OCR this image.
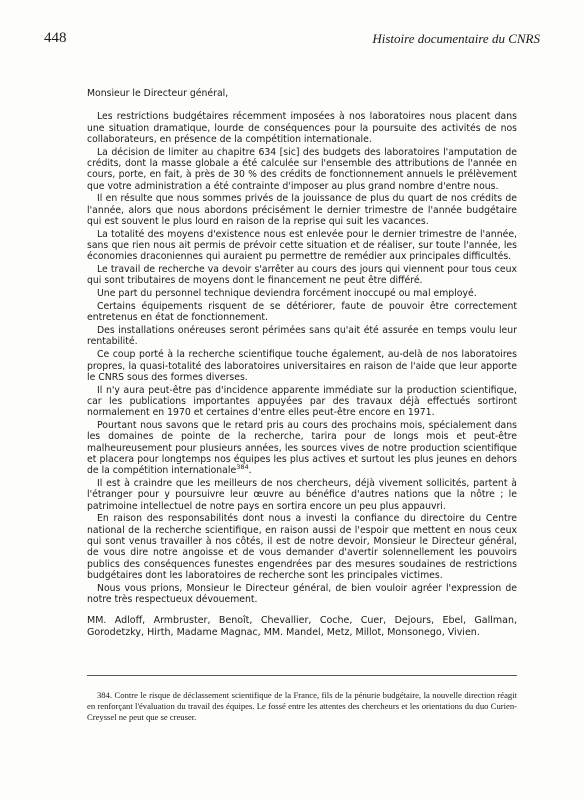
448	Histoire documentaire du CNRS

Monsieur le Directeur général,

Les restrictions budgétaires récemment imposées à nos laboratoires nous placent dans une situation dramatique, lourde de conséquences pour la poursuite des activités de nos collaborateurs, en présence de la compétition internationale.

La décision de limiter au chapitre 634 [sic] des budgets des laboratoires l'amputation de crédits, dont la masse globale a été calculée sur l'ensemble des attributions de l'année en cours, porte, en fait, à près de 30 % des crédits de fonctionnement annuels le prélèvement que votre administration a été contrainte d'imposer au plus grand nombre d'entre nous.

Il en résulte que nous sommes privés de la jouissance de plus du quart de nos crédits de l'année, alors que nous abordons précisément le dernier trimestre de l'année budgétaire qui est souvent le plus lourd en raison de la reprise qui suit les vacances.

La totalité des moyens d'existence nous est enlevée pour le dernier trimestre de l'année, sans que rien nous ait permis de prévoir cette situation et de réaliser, sur toute l'année, les économies draconiennes qui auraient pu permettre de remédier aux principales difficultés.

Le travail de recherche va devoir s'arrêter au cours des jours qui viennent pour tous ceux qui sont tributaires de moyens dont le financement ne peut être différé.

Une part du personnel technique deviendra forcément inoccupé ou mal employé.

Certains équipements risquent de se détériorer, faute de pouvoir être correctement entretenus en état de fonctionnement.

Des installations onéreuses seront périmées sans qu'ait été assurée en temps voulu leur rentabilité.

Ce coup porté à la recherche scientifique touche également, au-delà de nos laboratoires propres, la quasi-totalité des laboratoires universitaires en raison de l'aide que leur apporte le CNRS sous des formes diverses.

Il n'y aura peut-être pas d'incidence apparente immédiate sur la production scientifique, car les publications importantes appuyées par des travaux déjà effectués sortiront normalement en 1970 et certaines d'entre elles peut-être encore en 1971.

Pourtant nous savons que le retard pris au cours des prochains mois, spécialement dans les domaines de pointe de la recherche, tarira pour de longs mois et peut-être malheureusement pour plusieurs années, les sources vives de notre production scientifique et placera pour longtemps nos équipes les plus actives et surtout les plus jeunes en dehors de la compétition internationale$^{384}$.

Il est à craindre que les meilleurs de nos chercheurs, déjà vivement sollicités, partent à l'étranger pour y poursuivre leur œuvre au bénéfice d'autres nations que la nôtre ; le patrimoine intellectuel de notre pays en sortira encore un peu plus appauvri.

En raison des responsabilités dont nous a investi la confiance du directoire du Centre national de la recherche scientifique, en raison aussi de l'espoir que mettent en nous ceux qui sont venus travailler à nos côtés, il est de notre devoir, Monsieur le Directeur général, de vous dire notre angoisse et de vous demander d'avertir solennellement les pouvoirs publics des conséquences funestes engendrées par des mesures soudaines de restrictions budgétaires dont les laboratoires de recherche sont les principales victimes.

Nous vous prions, Monsieur le Directeur général, de bien vouloir agréer l'expression de notre très respectueux dévouement.

MM. Adloff, Armbruster, Benoît, Chevallier, Coche, Cuer, Dejours, Ebel, Gallman, Gorodetzky, Hirth, Madame Magnac, MM. Mandel, Metz, Millot, Monsonego, Vivien.

384. Contre le risque de déclassement scientifique de la France, fils de la pénurie budgétaire, la nouvelle direction réagit en renforçant l'évaluation du travail des équipes. Le fossé entre les attentes des chercheurs et les orientations du duo Curien-Creyssel ne peut que se creuser.
